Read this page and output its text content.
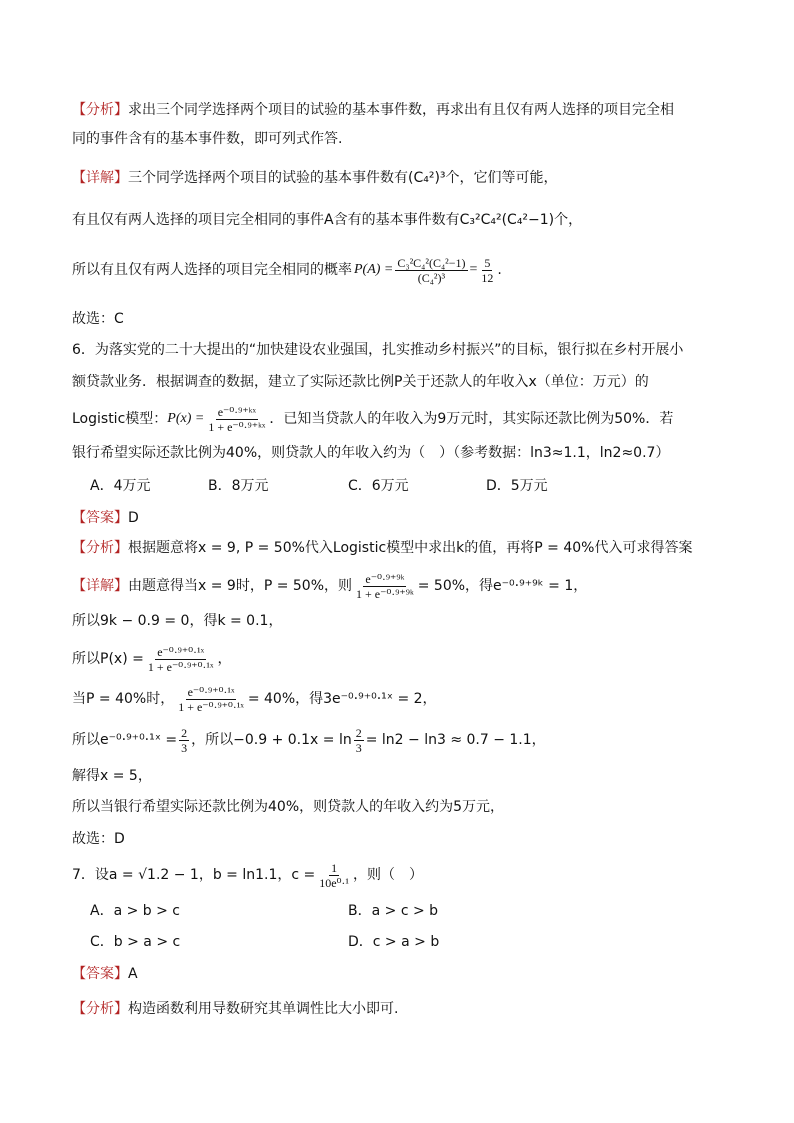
【分析】求出三个同学选择两个项目的试验的基本事件数，再求出有且仅有两人选择的项目完全相
同的事件含有的基本事件数，即可列式作答.
【详解】三个同学选择两个项目的试验的基本事件数有(C₄²)³个，它们等可能，
有且仅有两人选择的项目完全相同的事件A含有的基本事件数有C₃²C₄²(C₄²−1)个，
所以有且仅有两人选择的项目完全相同的概率 $P(A) = \frac{\text{C₃²C₄²(C₄²−1)}}{\text{(C₄²)³}} = \frac{5}{12}$ .
故选：C
6．为落实党的二十大提出的“加快建设农业强国，扎实推动乡村振兴”的目标，银行拟在乡村开展小
额贷款业务．根据调查的数据，建立了实际还款比例P关于还款人的年收入x（单位：万元）的
Logistic模型： $P(x) = \frac{\text{e⁻⁰·⁹⁺ᵏˣ}}{\text{1 + e⁻⁰·⁹⁺ᵏˣ}}$ ．已知当贷款人的年收入为9万元时，其实际还款比例为50%．若
银行希望实际还款比例为40%，则贷款人的年收入约为（　）（参考数据：ln3≈1.1，ln2≈0.7）
A．4万元	B．8万元	C．6万元	D．5万元
【答案】D
【分析】根据题意将x = 9, P = 50%代入Logistic模型中求出k的值，再将P = 40%代入可求得答案
【详解】 由题意得当x = 9时，P = 50%，则 $\frac{\text{e⁻⁰·⁹⁺⁹ᵏ}}{\text{1 + e⁻⁰·⁹⁺⁹ᵏ}} = 50\%$，得e⁻⁰·⁹⁺⁹ᵏ = 1，
所以9k − 0.9 = 0，得k = 0.1，
所以$P(x) = \frac{\text{e⁻⁰·⁹⁺⁰·¹ˣ}}{\text{1 + e⁻⁰·⁹⁺⁰·¹ˣ}}$ ，
当P = 40%时， $\frac{\text{e⁻⁰·⁹⁺⁰·¹ˣ}}{\text{1 + e⁻⁰·⁹⁺⁰·¹ˣ}} = 40\%$，得3e⁻⁰·⁹⁺⁰·¹ˣ = 2，
所以e⁻⁰·⁹⁺⁰·¹ˣ = $\frac{2}{3}$ ，所以$-0.9 + 0.1x = \ln \frac{2}{3} = \ln 2 - \ln 3 \approx 0.7 - 1.1$，
解得x = 5，
所以当银行希望实际还款比例为40%，则贷款人的年收入约为5万元，
故选：D
7．设a = √1.2 − 1，b = ln1.1，$c = \frac{1}{\text{10e⁰·¹}}$ ，则（　）
A．a > b > c	B．a > c > b
C．b > a > c	D．c > a > b
【答案】A
【分析】构造函数利用导数研究其单调性比大小即可.
